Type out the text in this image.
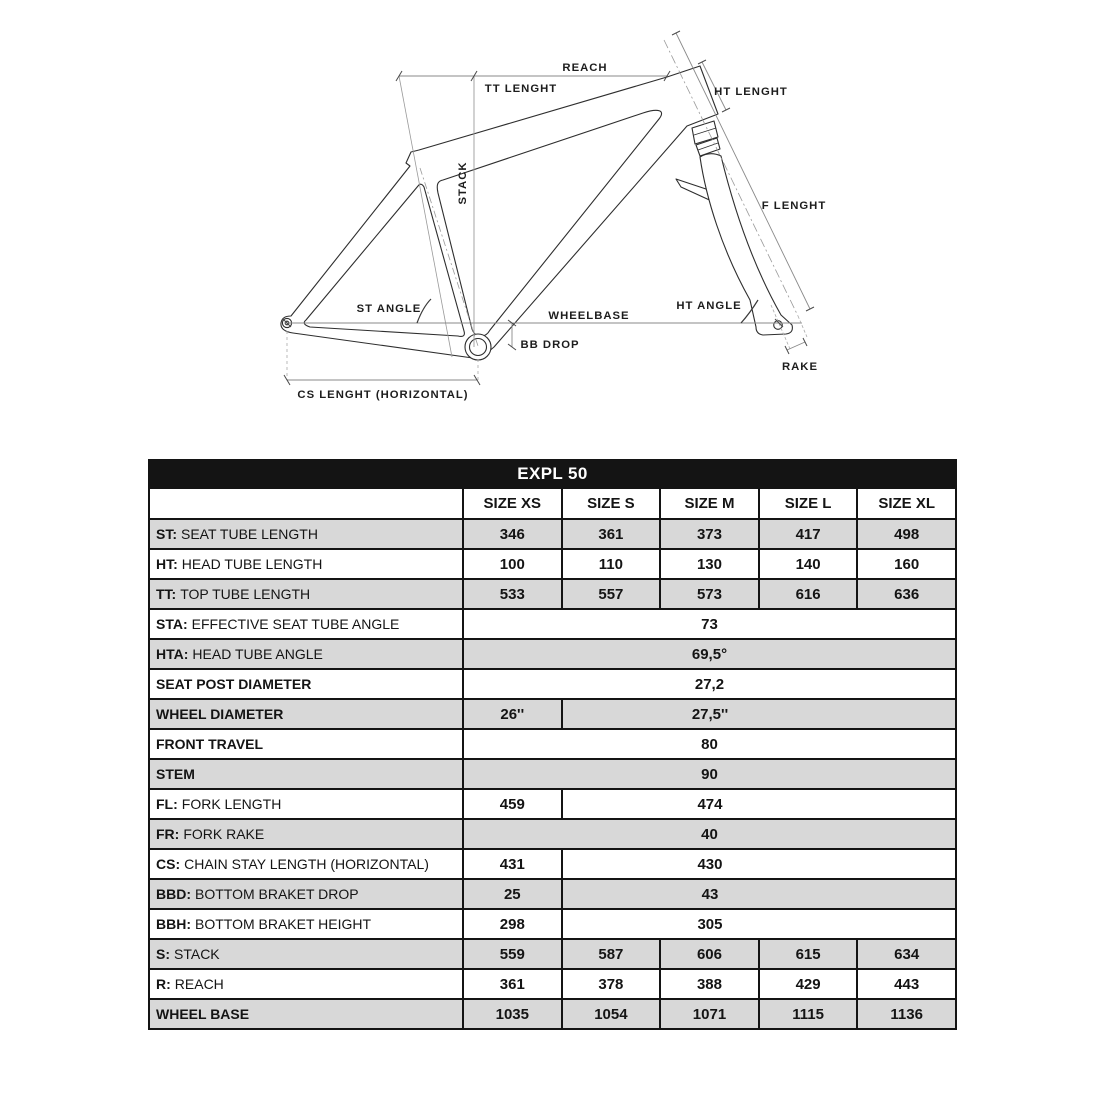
REACH
TT LENGHT	HT LENGHT
STACK
F LENGHT
ST ANGLE
WHEELBASE
BB DROP
HT ANGLE
RAKE
CS LENGHT (HORIZONTAL)
EXPL 50					
	SIZE XS	SIZE S	SIZE M	SIZE L	SIZE XL
ST: SEAT TUBE LENGTH	346	361	373	417	498
HT: HEAD TUBE LENGTH	100	110	130	140	160
TT: TOP TUBE LENGTH	533	557	573	616	636
STA: EFFECTIVE SEAT TUBE ANGLE	73				
HTA: HEAD TUBE ANGLE	69,5°				
SEAT POST DIAMETER	27,2				
WHEEL DIAMETER	26''	27,5''			
FRONT TRAVEL	80				
STEM	90				
FL: FORK LENGTH	459	474			
FR: FORK RAKE	40				
CS: CHAIN STAY LENGTH (HORIZONTAL)	431	430			
BBD: BOTTOM BRAKET DROP	25	43			
BBH: BOTTOM BRAKET HEIGHT	298	305			
S: STACK	559	587	606	615	634
R: REACH	361	378	388	429	443
WHEEL BASE	1035	1054	1071	1115	1136
